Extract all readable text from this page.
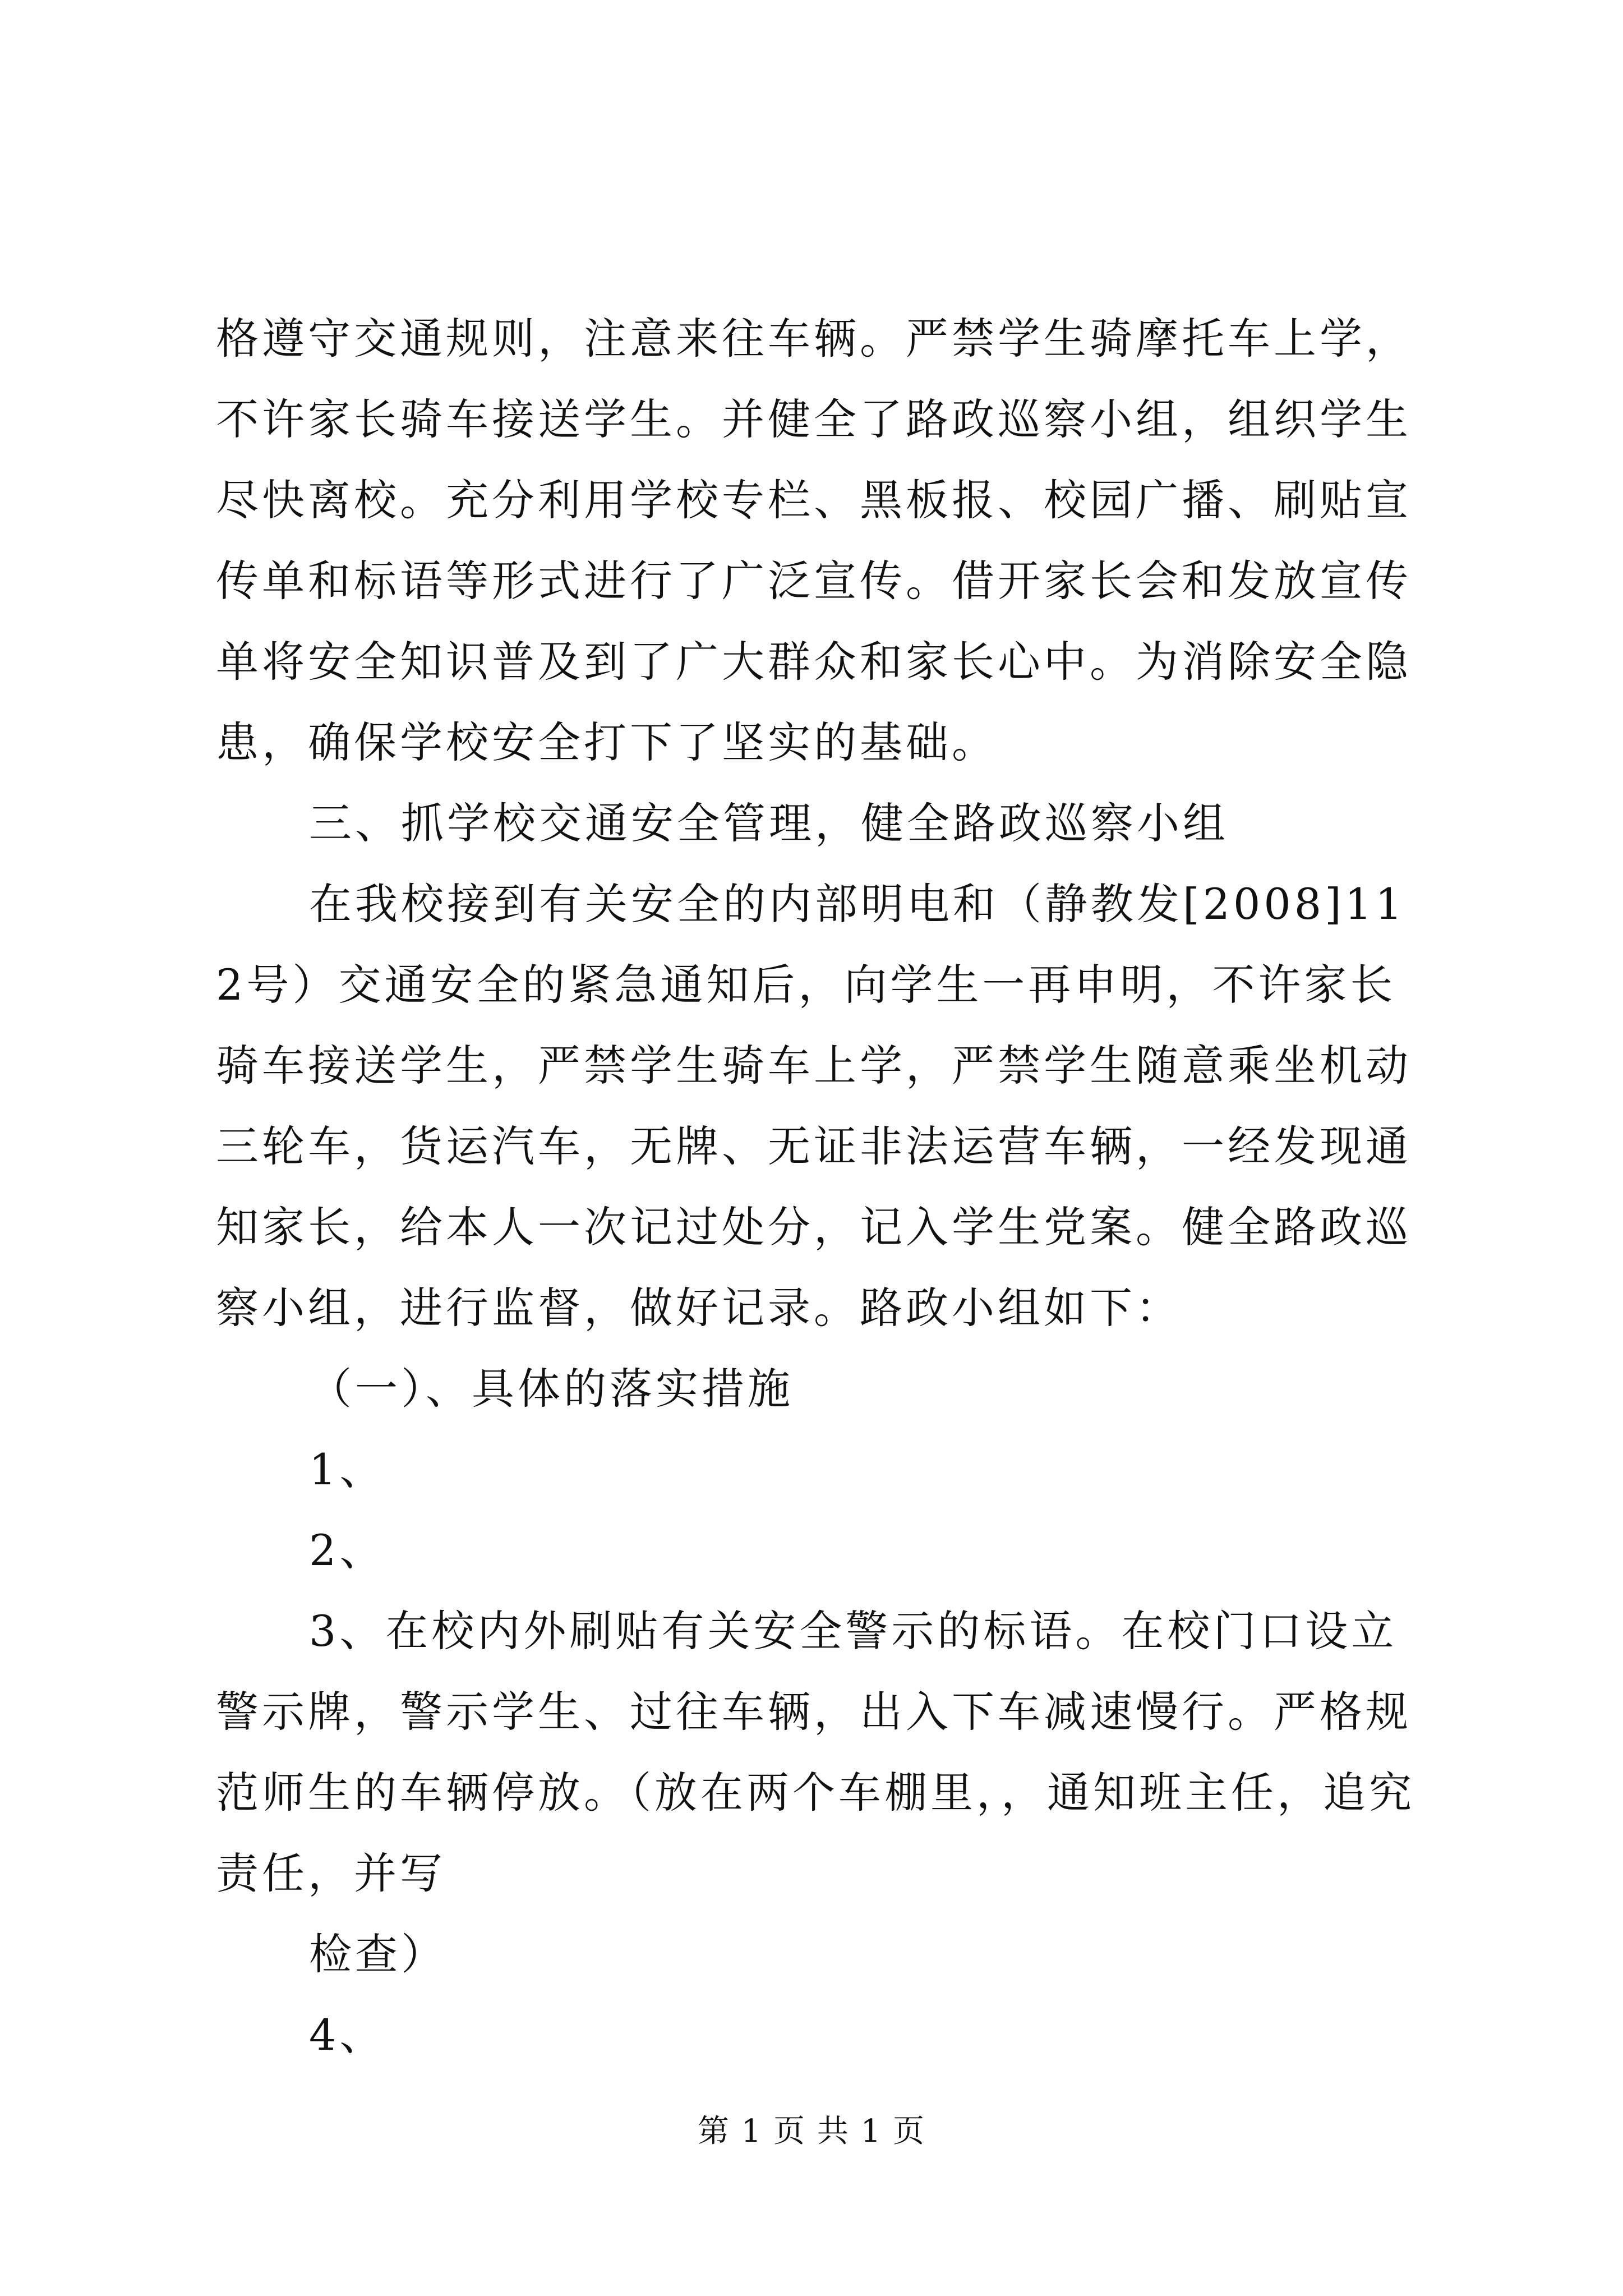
格遵守交通规则，注意来往车辆。严禁学生骑摩托车上学，不许家长骑车接送学生。并健全了路政巡察小组，组织学生尽快离校。充分利用学校专栏、黑板报、校园广播、刷贴宣传单和标语等形式进行了广泛宣传。借开家长会和发放宣传单将安全知识普及到了广大群众和家长心中。为消除安全隐患，确保学校安全打下了坚实的基础。

三、抓学校交通安全管理，健全路政巡察小组

在我校接到有关安全的内部明电和（静教发[2008]112号）交通安全的紧急通知后，向学生一再申明，不许家长骑车接送学生，严禁学生骑车上学，严禁学生随意乘坐机动三轮车，货运汽车，无牌、无证非法运营车辆，一经发现通知家长，给本人一次记过处分，记入学生党案。健全路政巡察小组，进行监督，做好记录。路政小组如下：

（一）、具体的落实措施

1、

2、

3、在校内外刷贴有关安全警示的标语。在校门口设立警示牌，警示学生、过往车辆，出入下车减速慢行。严格规范师生的车辆停放。（放在两个车棚里，，通知班主任，追究责任，并写

检查）

4、

第 1 页 共 1 页
